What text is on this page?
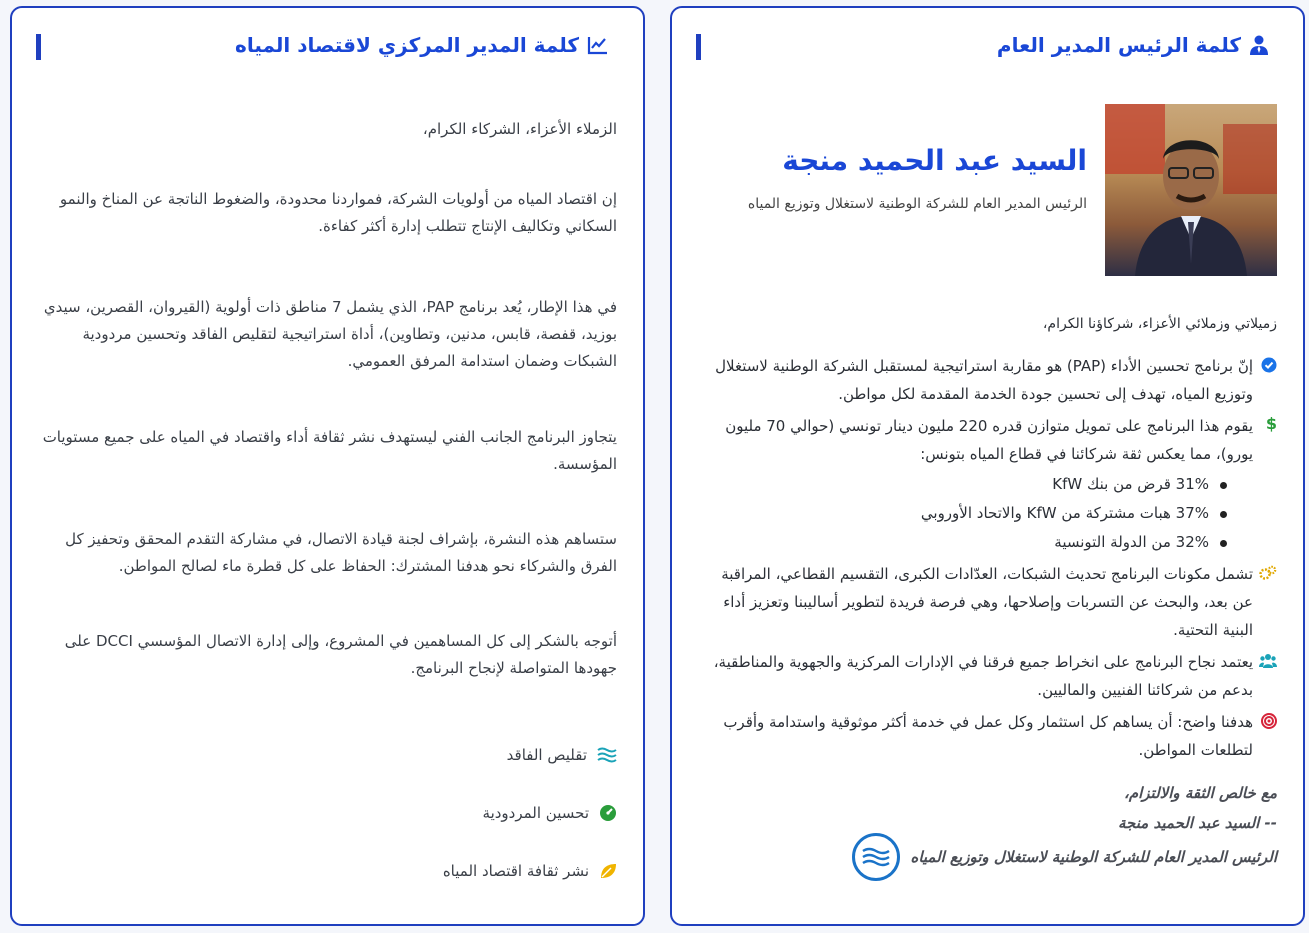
كلمة المدير المركزي لاقتصاد المياه

الزملاء الأعزاء، الشركاء الكرام،

إن اقتصاد المياه من أولويات الشركة، فمواردنا محدودة، والضغوط الناتجة عن المناخ والنمو السكاني وتكاليف الإنتاج تتطلب إدارة أكثر كفاءة.

في هذا الإطار، يُعد برنامج PAP، الذي يشمل 7 مناطق ذات أولوية (القيروان، القصرين، سيدي بوزيد، قفصة، قابس، مدنين، وتطاوين)، أداة استراتيجية لتقليص الفاقد وتحسين مردودية الشبكات وضمان استدامة المرفق العمومي.

يتجاوز البرنامج الجانب الفني ليستهدف نشر ثقافة أداء واقتصاد في المياه على جميع مستويات المؤسسة.

ستساهم هذه النشرة، بإشراف لجنة قيادة الاتصال، في مشاركة التقدم المحقق وتحفيز كل الفرق والشركاء نحو هدفنا المشترك: الحفاظ على كل قطرة ماء لصالح المواطن.

أتوجه بالشكر إلى كل المساهمين في المشروع، وإلى إدارة الاتصال المؤسسي DCCI على جهودها المتواصلة لإنجاح البرنامج.

تقليص الفاقد
تحسين المردودية
نشر ثقافة اقتصاد المياه
كلمة الرئيس المدير العام
السيد عبد الحميد منجة
الرئيس المدير العام للشركة الوطنية لاستغلال وتوزيع المياه

زميلاتي وزملائي الأعزاء، شركاؤنا الكرام،

إنّ برنامج تحسين الأداء (PAP) هو مقاربة استراتيجية لمستقبل الشركة الوطنية لاستغلال وتوزيع المياه، تهدف إلى تحسين جودة الخدمة المقدمة لكل مواطن.
$
يقوم هذا البرنامج على تمويل متوازن قدره 220 مليون دينار تونسي (حوالي 70 مليون يورو)، مما يعكس ثقة شركائنا في قطاع المياه بتونس:
31% قرض من بنك KfW
37% هبات مشتركة من KfW والاتحاد الأوروبي
32% من الدولة التونسية
تشمل مكونات البرنامج تحديث الشبكات، العدّادات الكبرى، التقسيم القطاعي، المراقبة عن بعد، والبحث عن التسربات وإصلاحها، وهي فرصة فريدة لتطوير أساليبنا وتعزيز أداء البنية التحتية.
يعتمد نجاح البرنامج على انخراط جميع فرقنا في الإدارات المركزية والجهوية والمناطقية، بدعم من شركائنا الفنيين والماليين.
هدفنا واضح: أن يساهم كل استثمار وكل عمل في خدمة أكثر موثوقية واستدامة وأقرب لتطلعات المواطن.
مع خالص الثقة والالتزام،
-- السيد عبد الحميد منجة
الرئيس المدير العام للشركة الوطنية لاستغلال وتوزيع المياه
